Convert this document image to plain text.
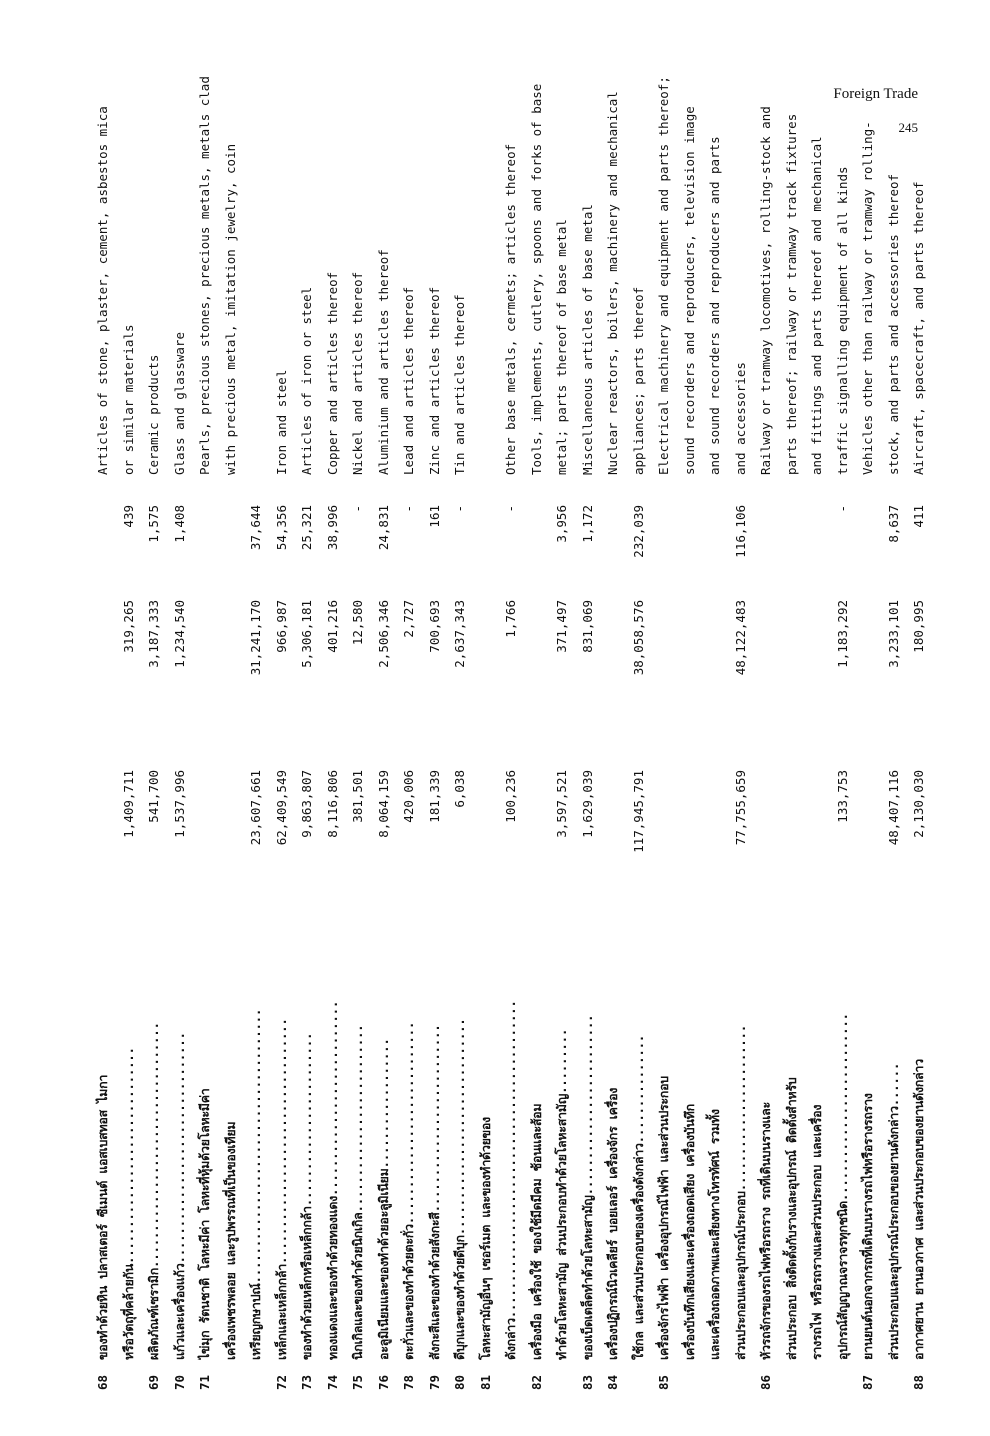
Foreign Trade
245
68
ของทำด้วยหิน ปลาสเตอร์ ซีเมนต์ แอสเบสทอส ไมกา
Articles of stone, plaster, cement, asbestos mica
หรือวัตถุที่คล้ายกัน..............................
1,409,711
319,265
439
or similar materials
69
ผลิตภัณฑ์เซรามิก..................................
541,700
3,187,333
1,575
Ceramic products
70
แก้วและเครื่องแก้ว................................
1,537,996
1,234,540
1,408
Glass and glassware
71
ไข่มุก รัตนชาติ โลหะมีค่า โลหะที่หุ้มด้วยโลหะมีค่า
Pearls, precious stones, precious metals, metals clad
เครื่องเพชรพลอย และรูปพรรณที่เป็นของเทียม
with precious metal, imitation jewelry, coin
เหรียญกษาปณ์......................................
23,607,661
31,241,170
37,644
72
เหล็กและเหล็กกล้า..................................
62,409,549
966,987
54,356
Iron and steel
73
ของทำด้วยเหล็กหรือเหล็กกล้า........................
9,863,807
5,306,181
25,321
Articles of iron or steel
74
ทองแดงและของทำด้วยทองแดง...........................
8,116,806
401,216
38,996
Copper and articles thereof
75
นิกเกิลและของทำด้วยนิกเกิล..........................
381,501
12,580
-
Nickel and articles thereof
76
อะลูมิเนียมและของทำด้วยอะลูมิเนียม..................
8,064,159
2,506,346
24,831
Aluminium and articles thereof
78
ตะกั่วและของทำด้วยตะกั่ว............................
420,006
2,727
-
Lead and articles thereof
79
สังกะสีและของทำด้วยสังกะสี..........................
181,339
700,693
161
Zinc and articles thereof
80
ดีบุกและของทำด้วยดีบุก..............................
6,038
2,637,343
-
Tin and articles thereof
81
โลหะสามัญอื่นๆ เซอร์เมต และของทำด้วยของ ดังกล่าว............................................
100,236
1,766
-
Other base metals, cermets; articles thereof
82
เครื่องมือ เครื่องใช้ ของใช้มีดมีคม ช้อนและส้อม
Tools, implements, cutlery, spoons and forks of base
ทำด้วยโลหะสามัญ ส่วนประกอบทำด้วยโลหะสามัญ.........
3,597,521
371,497
3,956
metal; parts thereof of base metal
83
ของเบ็ดเตล็ดทำด้วยโลหะสามัญ.........................
1,629,039
831,069
1,172
Miscellaneous articles of base metal
84
เครื่องปฏิกรณ์นิวเคลียร์ บอยเลอร์ เครื่องจักร เครื่อง
Nuclear reactors, boilers, machinery and mechanical
ใช้กล และส่วนประกอบของเครื่องดังกล่าว...............
117,945,791
38,058,576
232,039
appliances; parts thereof
85
เครื่องจักรไฟฟ้า เครื่องอุปกรณ์ไฟฟ้า และส่วนประกอบ
Electrical machinery and equipment and parts thereof;
เครื่องบันทึกเสียงและเครื่องถอดเสียง เครื่องบันทึก
sound recorders and reproducers, television image
และเครื่องถอดภาพและเสียงทางโทรทัศน์ รวมทั้ง
and sound recorders and reproducers and parts
ส่วนประกอบและอุปกรณ์ประกอบ.......................
77,755,659
48,122,483
116,106
and accessories
86
หัวรถจักรของรถไฟหรือรถราง รถที่เดินบนรางและ
Railway or tramway locomotives, rolling-stock and
ส่วนประกอบ สิ่งติดตั้งกับรางและอุปกรณ์ ติดตั้งสำหรับ
parts thereof; railway or tramway track fixtures
รางรถไฟ หรือรถรางและส่วนประกอบ และเครื่อง
and fittings and parts thereof and mechanical
อุปกรณ์สัญญาณจราจรทุกชนิด..........................
133,753
1,183,292
-
traffic signalling equipment of all kinds
87
ยานยนต์นอกจากรถที่เดินบนรางรถไฟหรือรางรถราง
Vehicles other than railway or tramway rolling-
ส่วนประกอบและอุปกรณ์ประกอบของยานดังกล่าว......
48,407,116
3,233,101
8,637
stock, and parts and accessories thereof
88
อากาศยาน ยานอวกาศ และส่วนประกอบของยานดังกล่าว
2,130,030
180,995
411
Aircraft, spacecraft, and parts thereof
